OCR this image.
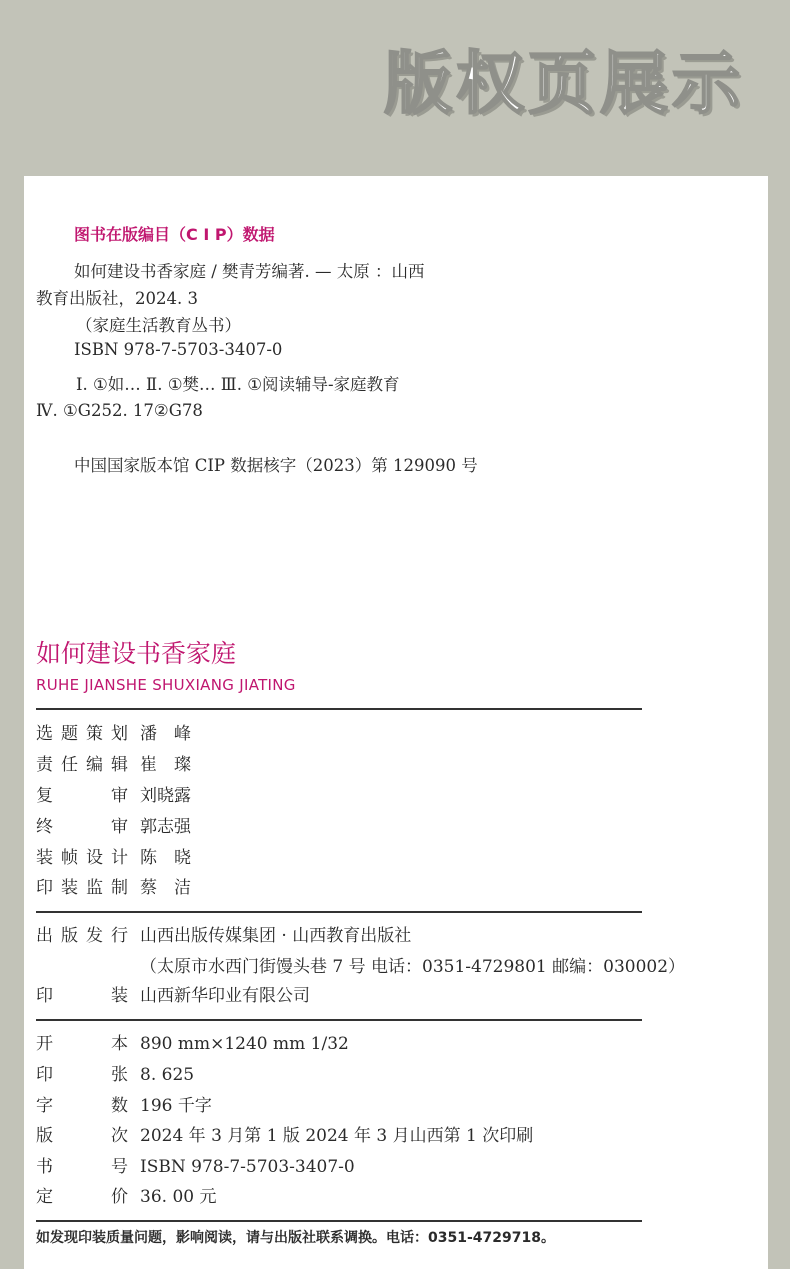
版权页展示
图书在版编目（C I P）数据
如何建设书香家庭 / 樊青芳编著. — 太原 ：山西
教育出版社，2024. 3
（家庭生活教育丛书）
ISBN 978-7-5703-3407-0
Ⅰ. ①如… Ⅱ. ①樊… Ⅲ. ①阅读辅导-家庭教育
Ⅳ. ①G252. 17②G78
中国国家版本馆 CIP 数据核字（2023）第 129090 号
如何建设书香家庭
RUHE JIANSHE SHUXIANG JIATING
选题策划 潘　峰
责任编辑 崔　璨
复　审 刘晓露
终　审 郭志强
装帧设计 陈　晓
印装监制 蔡　洁
出版发行 山西出版传媒集团 · 山西教育出版社
（太原市水西门街馒头巷 7 号 电话：0351-4729801 邮编：030002）
印　装 山西新华印业有限公司
开　本 890 mm×1240 mm 1/32
印　张 8. 625
字　数 196 千字
版　次 2024 年 3 月第 1 版 2024 年 3 月山西第 1 次印刷
书　号 ISBN 978-7-5703-3407-0
定　价 36. 00 元
如发现印装质量问题，影响阅读，请与出版社联系调换。电话：0351-4729718。
